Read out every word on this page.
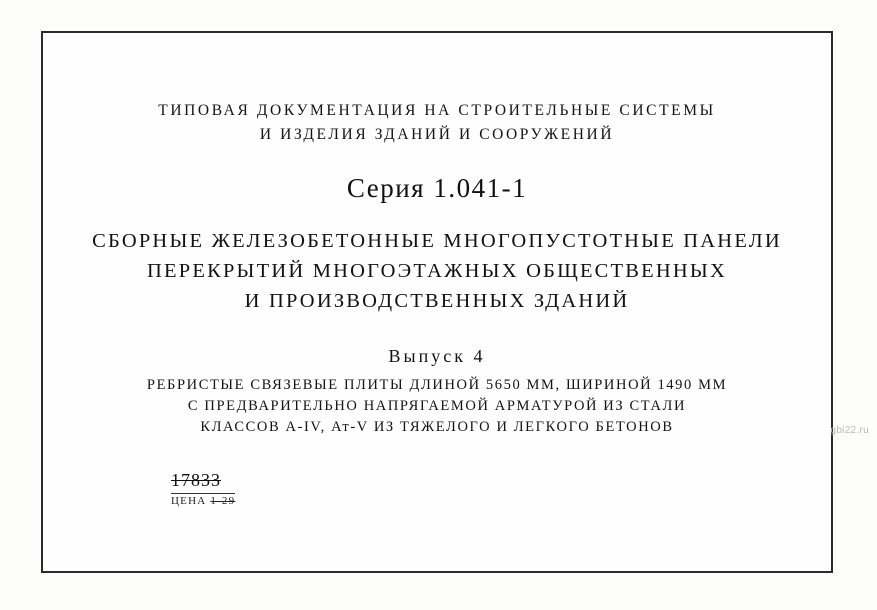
ТИПОВАЯ ДОКУМЕНТАЦИЯ НА СТРОИТЕЛЬНЫЕ СИСТЕМЫ
И ИЗДЕЛИЯ ЗДАНИЙ И СООРУЖЕНИЙ
Серия 1.041-1
СБОРНЫЕ ЖЕЛЕЗОБЕТОННЫЕ МНОГОПУСТОТНЫЕ ПАНЕЛИ
ПЕРЕКРЫТИЙ МНОГОЭТАЖНЫХ ОБЩЕСТВЕННЫХ
И ПРОИЗВОДСТВЕННЫХ ЗДАНИЙ
Выпуск 4
РЕБРИСТЫЕ СВЯЗЕВЫЕ ПЛИТЫ ДЛИНОЙ 5650 ММ, ШИРИНОЙ 1490 ММ
С ПРЕДВАРИТЕЛЬНО НАПРЯГАЕМОЙ АРМАТУРОЙ ИЗ СТАЛИ
КЛАССОВ А-IV, Ат-V ИЗ ТЯЖЕЛОГО И ЛЕГКОГО БЕТОНОВ
17833
ЦЕНА 1-29
gbi22.ru
